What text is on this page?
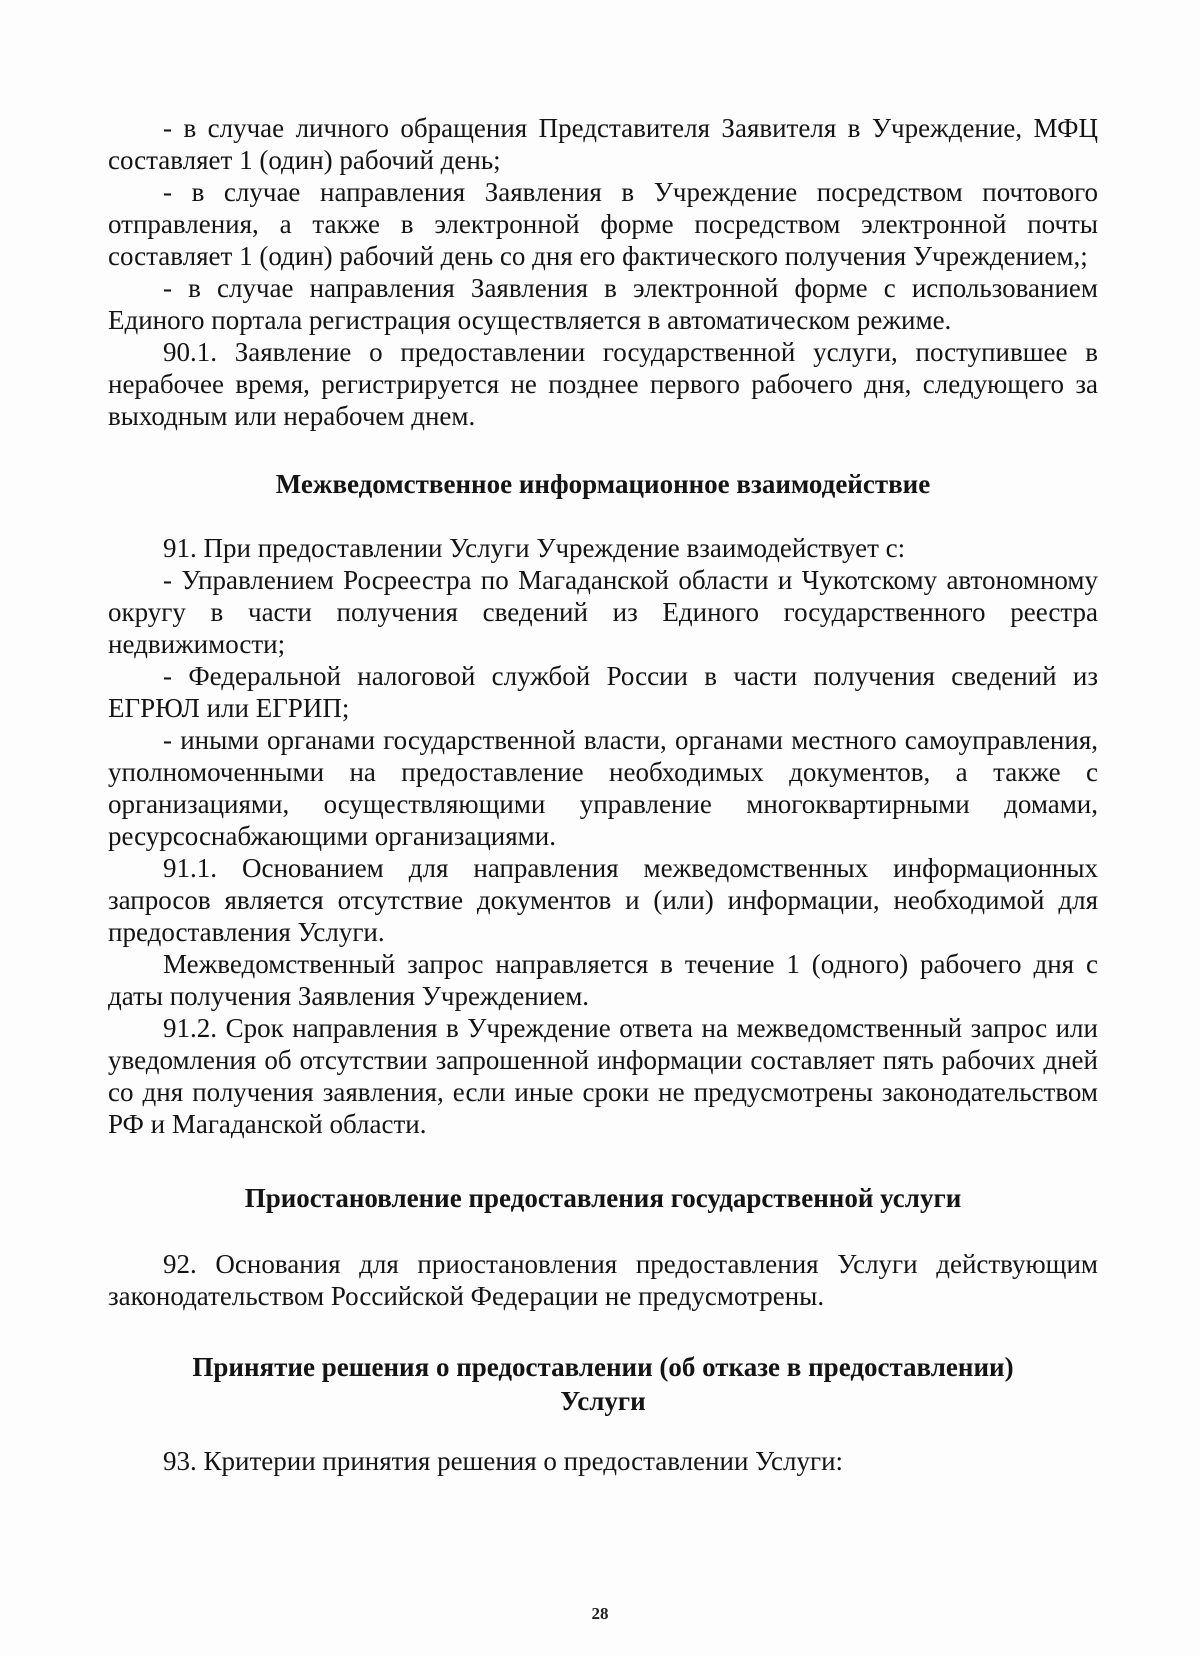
- в случае личного обращения Представителя Заявителя в Учреждение, МФЦ составляет 1 (один) рабочий день;

- в случае направления Заявления в Учреждение посредством почтового отправления, а также в электронной форме посредством электронной почты составляет 1 (один) рабочий день со дня его фактического получения Учреждением,;

- в случае направления Заявления в электронной форме с использованием Единого портала регистрация осуществляется в автоматическом режиме.

90.1. Заявление о предоставлении государственной услуги, поступившее в нерабочее время, регистрируется не позднее первого рабочего дня, следующего за выходным или нерабочем днем.

Межведомственное информационное взаимодействие

91. При предоставлении Услуги Учреждение взаимодействует с:

- Управлением Росреестра по Магаданской области и Чукотскому автономному округу в части получения сведений из Единого государственного реестра недвижимости;

- Федеральной налоговой службой России в части получения сведений из ЕГРЮЛ или ЕГРИП;

- иными органами государственной власти, органами местного самоуправления, уполномоченными на предоставление необходимых документов, а также с организациями, осуществляющими управление многоквартирными домами, ресурсоснабжающими организациями.

91.1. Основанием для направления межведомственных информационных запросов является отсутствие документов и (или) информации, необходимой для предоставления Услуги.

Межведомственный запрос направляется в течение 1 (одного) рабочего дня с даты получения Заявления Учреждением.

91.2. Срок направления в Учреждение ответа на межведомственный запрос или уведомления об отсутствии запрошенной информации составляет пять рабочих дней со дня получения заявления, если иные сроки не предусмотрены законодательством РФ и Магаданской области.

Приостановление предоставления государственной услуги

92. Основания для приостановления предоставления Услуги действующим законодательством Российской Федерации не предусмотрены.

Принятие решения о предоставлении (об отказе в предоставлении)
Услуги

93. Критерии принятия решения о предоставлении Услуги:

28
